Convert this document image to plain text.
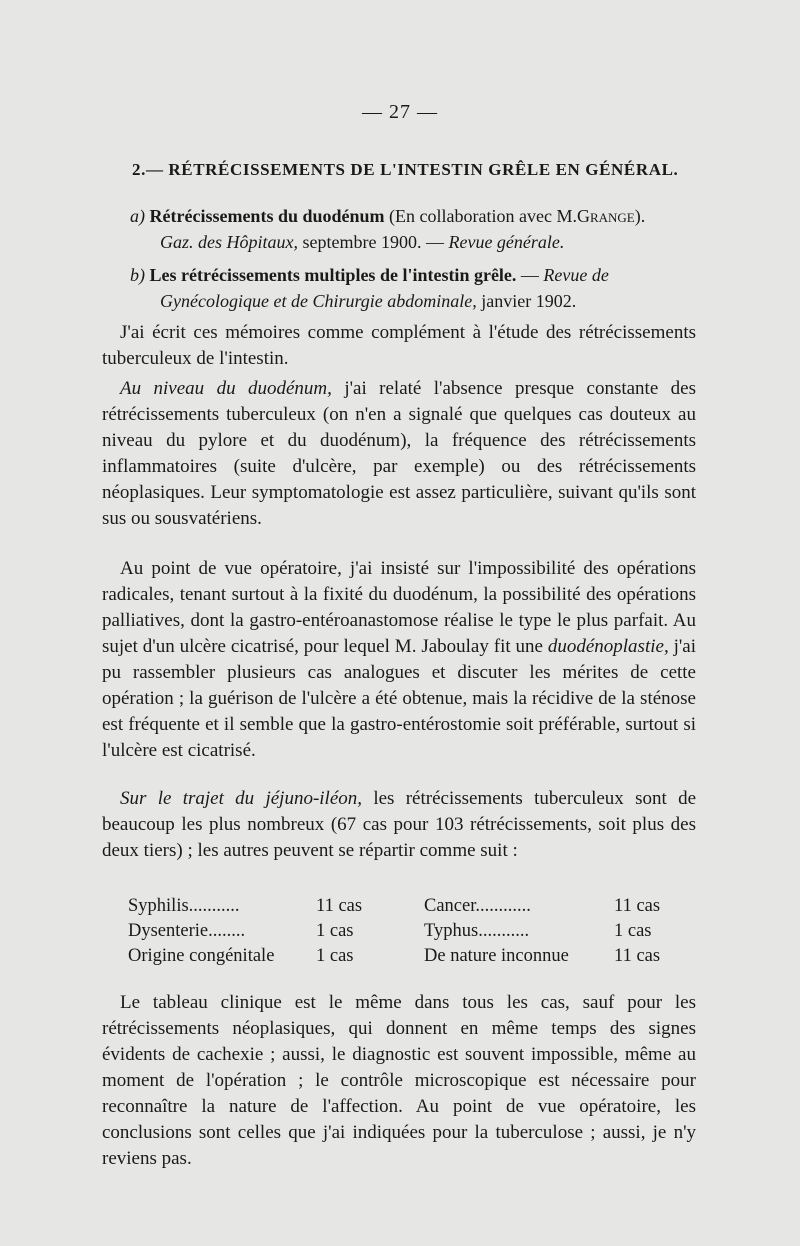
— 27 —
2.— RÉTRÉCISSEMENTS DE L'INTESTIN GRÊLE EN GÉNÉRAL.
a) Rétrécissements du duodénum (En collaboration avec M.Grange).
Gaz. des Hôpitaux, septembre 1900. — Revue générale.
b) Les rétrécissements multiples de l'intestin grêle. — Revue de
Gynécologique et de Chirurgie abdominale, janvier 1902.
J'ai écrit ces mémoires comme complément à l'étude des rétrécissements tuberculeux de l'intestin.
Au niveau du duodénum, j'ai relaté l'absence presque constante des rétrécissements tuberculeux (on n'en a signalé que quelques cas douteux au niveau du pylore et du duodénum), la fréquence des rétrécissements inflammatoires (suite d'ulcère, par exemple) ou des rétrécissements néoplasiques. Leur symptomatologie est assez particulière, suivant qu'ils sont sus ou sousvatériens.
Au point de vue opératoire, j'ai insisté sur l'impossibilité des opérations radicales, tenant surtout à la fixité du duodénum, la possibilité des opérations palliatives, dont la gastro-entéroanastomose réalise le type le plus parfait. Au sujet d'un ulcère cicatrisé, pour lequel M. Jaboulay fit une duodénoplastie, j'ai pu rassembler plusieurs cas analogues et discuter les mérites de cette opération ; la guérison de l'ulcère a été obtenue, mais la récidive de la sténose est fréquente et il semble que la gastro-entérostomie soit préférable, surtout si l'ulcère est cicatrisé.
Sur le trajet du jéjuno-iléon, les rétrécissements tuberculeux sont de beaucoup les plus nombreux (67 cas pour 103 rétrécissements, soit plus des deux tiers) ; les autres peuvent se répartir comme suit :
Syphilis...........	11 cas	Cancer............	11 cas
Dysenterie........	1 cas	Typhus...........	1 cas
Origine congénitale	1 cas	De nature inconnue	11 cas
Le tableau clinique est le même dans tous les cas, sauf pour les rétrécissements néoplasiques, qui donnent en même temps des signes évidents de cachexie ; aussi, le diagnostic est souvent impossible, même au moment de l'opération ; le contrôle microscopique est nécessaire pour reconnaître la nature de l'affection. Au point de vue opératoire, les conclusions sont celles que j'ai indiquées pour la tuberculose ; aussi, je n'y reviens pas.
